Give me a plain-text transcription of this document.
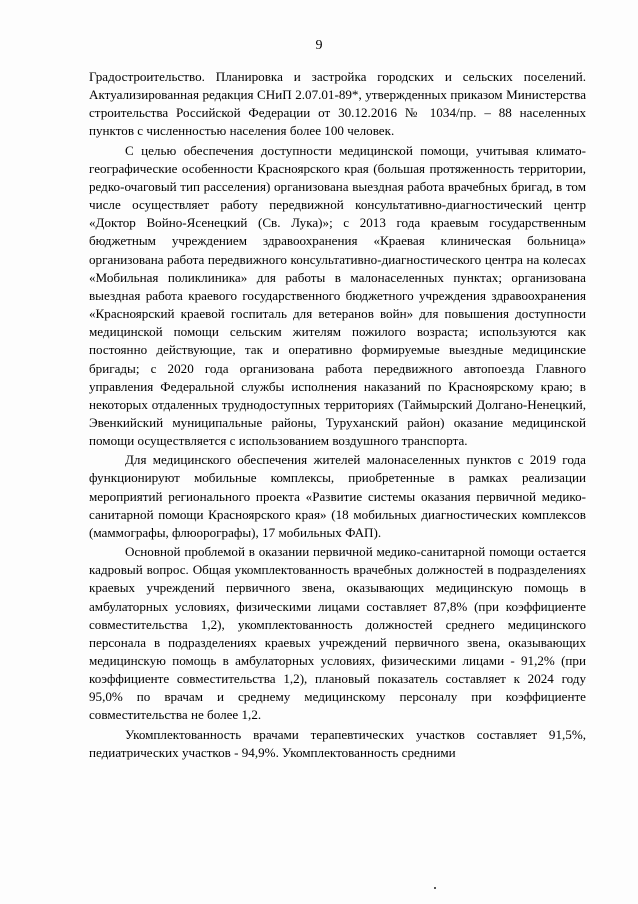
9

Градостроительство. Планировка и застройка городских и сельских поселений. Актуализированная редакция СНиП 2.07.01-89*, утвержденных приказом Министерства строительства Российской Федерации от 30.12.2016 № 1034/пр. – 88 населенных пунктов с численностью населения более 100 человек.

С целью обеспечения доступности медицинской помощи, учитывая климато-географические особенности Красноярского края (большая протяженность территории, редко-очаговый тип расселения) организована выездная работа врачебных бригад, в том числе осуществляет работу передвижной консультативно-диагностический центр «Доктор Войно-Ясенецкий (Св. Лука)»; с 2013 года краевым государственным бюджетным учреждением здравоохранения «Краевая клиническая больница» организована работа передвижного консультативно-диагностического центра на колесах «Мобильная поликлиника» для работы в малонаселенных пунктах; организована выездная работа краевого государственного бюджетного учреждения здравоохранения «Красноярский краевой госпиталь для ветеранов войн» для повышения доступности медицинской помощи сельским жителям пожилого возраста; используются как постоянно действующие, так и оперативно формируемые выездные медицинские бригады; с 2020 года организована работа передвижного автопоезда Главного управления Федеральной службы исполнения наказаний по Красноярскому краю; в некоторых отдаленных труднодоступных территориях (Таймырский Долгано-Ненецкий, Эвенкийский муниципальные районы, Туруханский район) оказание медицинской помощи осуществляется с использованием воздушного транспорта.

Для медицинского обеспечения жителей малонаселенных пунктов с 2019 года функционируют мобильные комплексы, приобретенные в рамках реализации мероприятий регионального проекта «Развитие системы оказания первичной медико-санитарной помощи Красноярского края» (18 мобильных диагностических комплексов (маммографы, флюорографы), 17 мобильных ФАП).

Основной проблемой в оказании первичной медико-санитарной помощи остается кадровый вопрос. Общая укомплектованность врачебных должностей в подразделениях краевых учреждений первичного звена, оказывающих медицинскую помощь в амбулаторных условиях, физическими лицами составляет 87,8% (при коэффициенте совместительства 1,2), укомплектованность должностей среднего медицинского персонала в подразделениях краевых учреждений первичного звена, оказывающих медицинскую помощь в амбулаторных условиях, физическими лицами - 91,2% (при коэффициенте совместительства 1,2), плановый показатель составляет к 2024 году 95,0% по врачам и среднему медицинскому персоналу при коэффициенте совместительства не более 1,2.

Укомплектованность врачами терапевтических участков составляет 91,5%, педиатрических участков - 94,9%. Укомплектованность средними
